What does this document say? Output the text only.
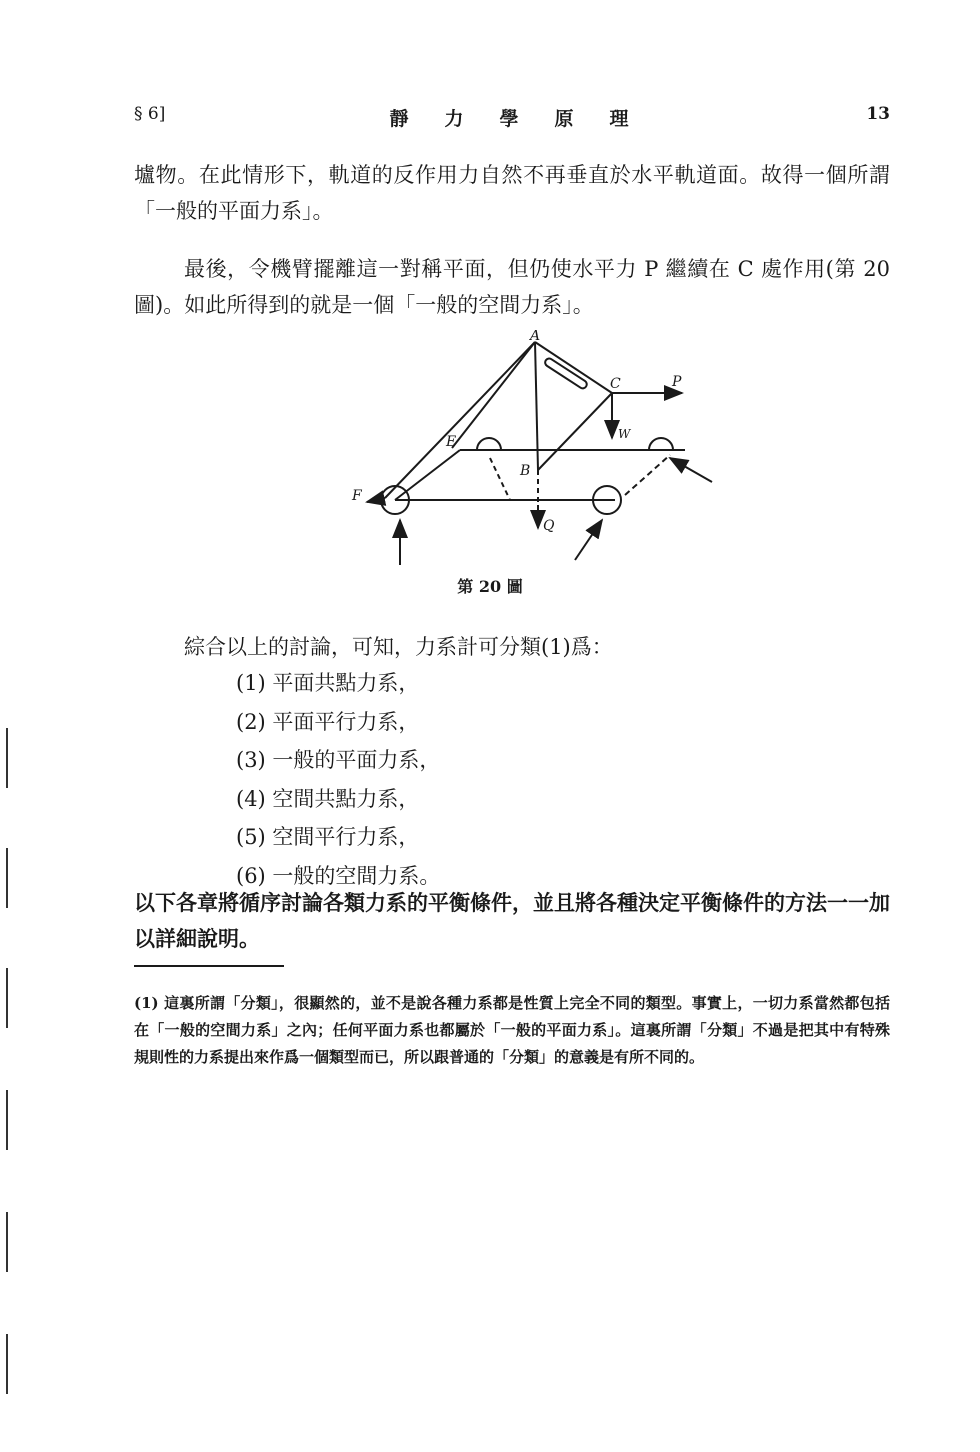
§ 6]	靜力學原理	13

壚物。在此情形下，軌道的反作用力自然不再垂直於水平軌道面。故得一個所謂「一般的平面力系」。

最後，令機臂擺離這一對稱平面，但仍使水平力 P 繼續在 C 處作用(第 20 圖)。如此所得到的就是一個「一般的空間力系」。

A
C	P
E	W
B
F
Q
第 20 圖
綜合以上的討論，可知，力系計可分類(1)爲：
(1) 平面共點力系，
(2) 平面平行力系，
(3) 一般的平面力系，
(4) 空間共點力系，
(5) 空間平行力系，
(6) 一般的空間力系。

以下各章將循序討論各類力系的平衡條件，並且將各種決定平衡條件的方法一一加以詳細說明。

(1) 這裏所謂「分類」，很顯然的，並不是說各種力系都是性質上完全不同的類型。事實上，一切力系當然都包括在「一般的空間力系」之內；任何平面力系也都屬於「一般的平面力系」。這裏所謂「分類」不過是把其中有特殊規則性的力系提出來作爲一個類型而已，所以跟普通的「分類」的意義是有所不同的。
